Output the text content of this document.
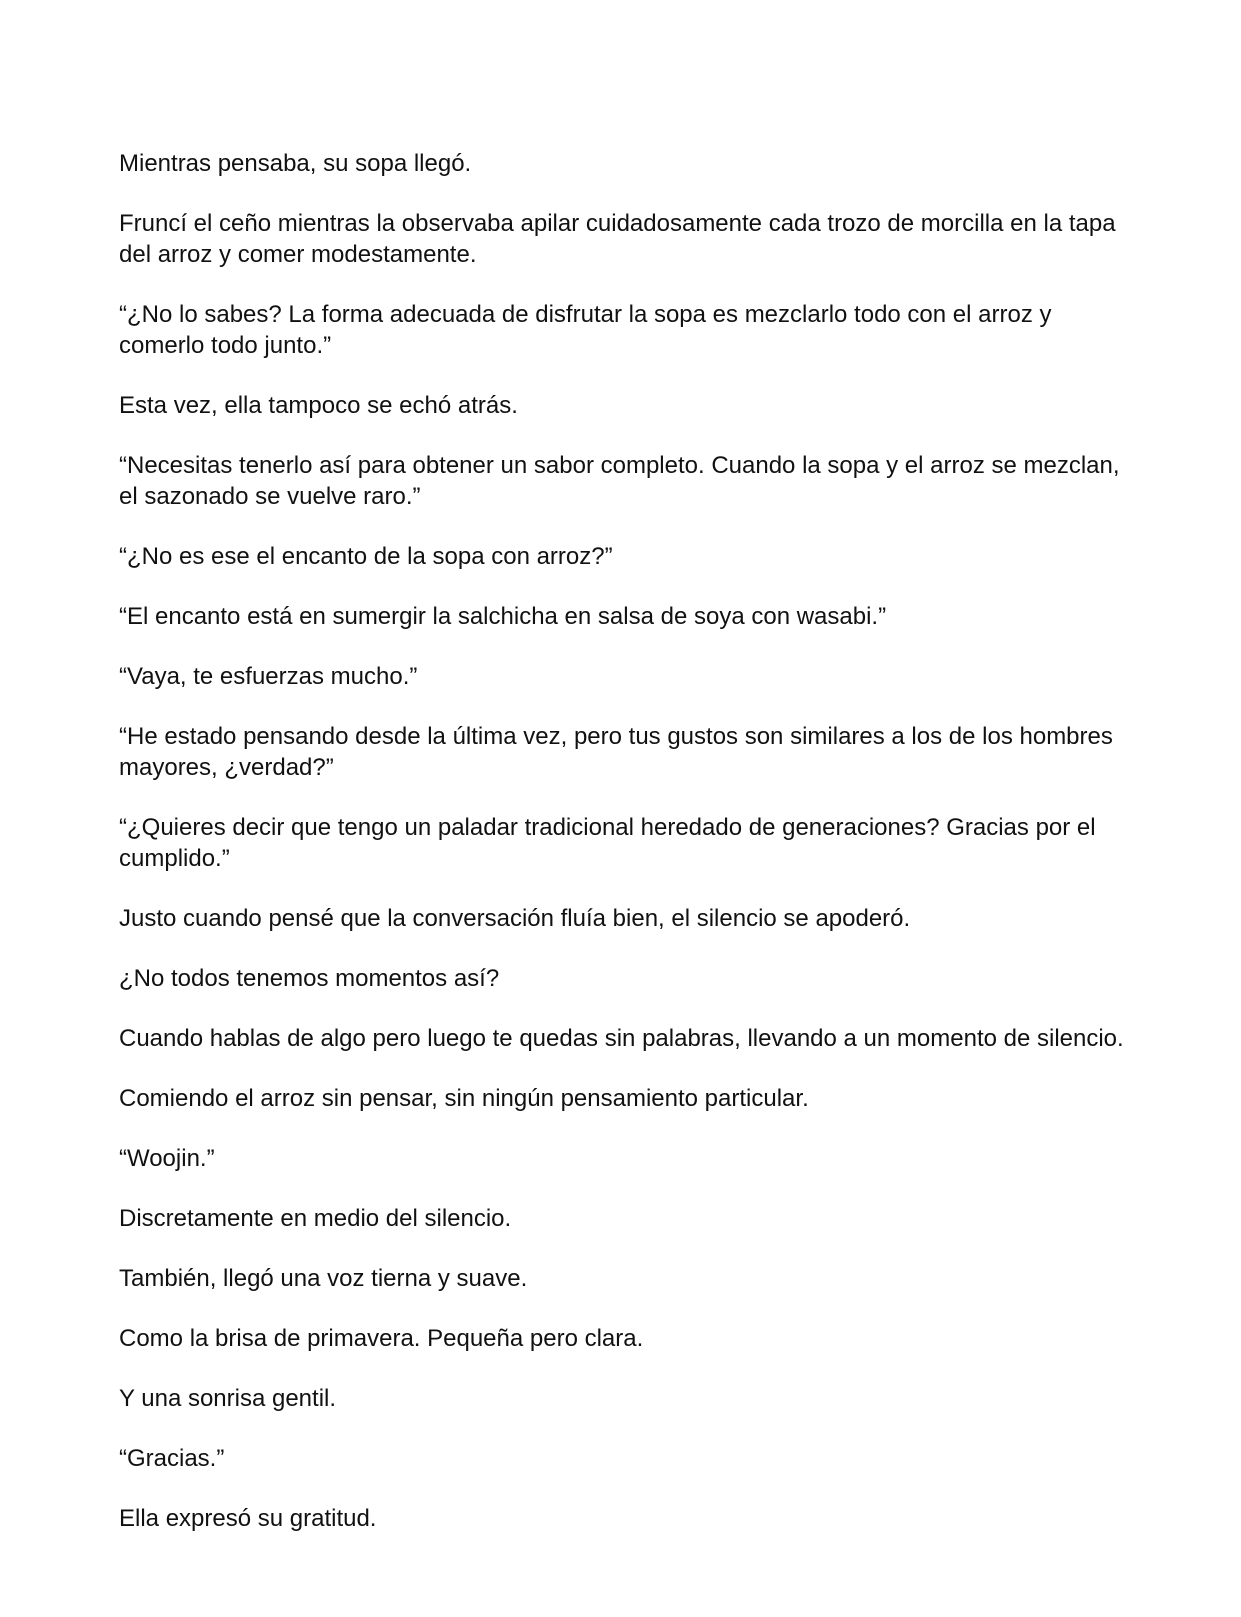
Mientras pensaba, su sopa llegó.

Fruncí el ceño mientras la observaba apilar cuidadosamente cada trozo de morcilla en la tapa del arroz y comer modestamente.

“¿No lo sabes? La forma adecuada de disfrutar la sopa es mezclarlo todo con el arroz y comerlo todo junto.”

Esta vez, ella tampoco se echó atrás.

“Necesitas tenerlo así para obtener un sabor completo. Cuando la sopa y el arroz se mezclan, el sazonado se vuelve raro.”

“¿No es ese el encanto de la sopa con arroz?”

“El encanto está en sumergir la salchicha en salsa de soya con wasabi.”

“Vaya, te esfuerzas mucho.”

“He estado pensando desde la última vez, pero tus gustos son similares a los de los hombres mayores, ¿verdad?”

“¿Quieres decir que tengo un paladar tradicional heredado de generaciones? Gracias por el cumplido.”

Justo cuando pensé que la conversación fluía bien, el silencio se apoderó.

¿No todos tenemos momentos así?

Cuando hablas de algo pero luego te quedas sin palabras, llevando a un momento de silencio.

Comiendo el arroz sin pensar, sin ningún pensamiento particular.

“Woojin.”

Discretamente en medio del silencio.

También, llegó una voz tierna y suave.

Como la brisa de primavera. Pequeña pero clara.

Y una sonrisa gentil.

“Gracias.”

Ella expresó su gratitud.
